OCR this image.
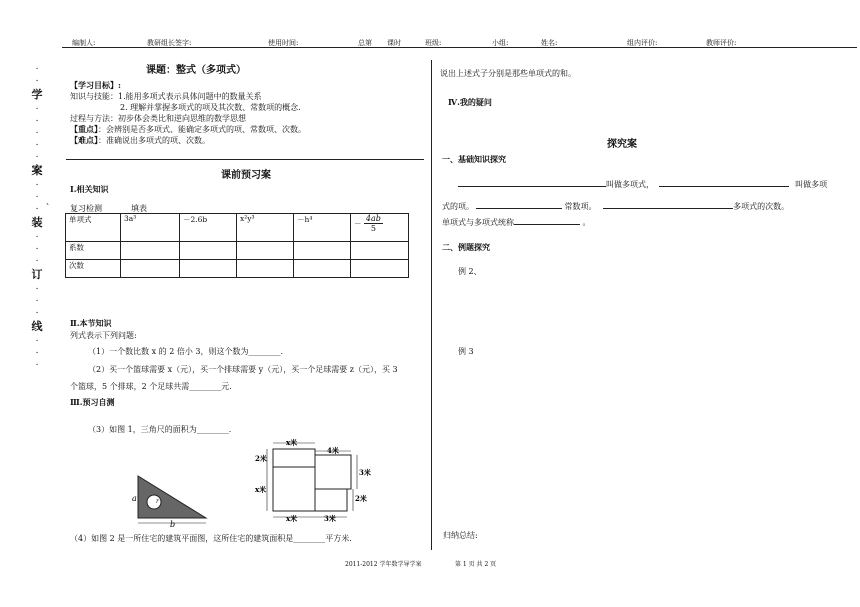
编制人:	教研组长签字:	使用时间:	总第 课时	班级:	小组:	姓名:	组内评价:	教师评价:
.
.
学
.
.
.
.
.
案
.
.
.
装
.
.
.
订
.
.
.
线
.
.
.
、
课题：整式（多项式）
【学习目标】:
知识与技能：1.能用多项式表示具体问题中的数量关系
2. 理解并掌握多项式的项及其次数、常数项的概念.
过程与方法：初步体会类比和逆向思维的数学思想
【重点】：会辨别是否多项式、能确定多项式的项、常数项、次数。
【难点】：准确说出多项式的项、次数。
课前预习案
Ⅰ.相关知识
复习检测	填表
单项式	3a³	－2.6b	x²y³	－h⁴	－ $\frac{4ab}{5}$

系数					
次数					
Ⅱ.本节知识
列式表示下列问题:
（1）一个数比数 x 的 2 倍小 3，则这个数为________.
（2）买一个篮球需要 x（元），买一个排球需要 y（元），买一个足球需要 z（元），买 3
个篮球，5 个排球，2 个足球共需________元.
Ⅲ.预习自测
（3）如图 1，三角尺的面积为________.
a	r
b
x米
4米
2米
x米
3米
2米
x米	3米
（4）如图 2 是一所住宅的建筑平面图，这所住宅的建筑面积是________平方米.
说出上述式子分别是那些单项式的和。
Ⅳ.我的疑问
探究案
一、基础知识探究
叫做多项式，	叫做多项
式的项。	常数项。	多项式的次数。
单项式与多项式统称	。
二、例题探究
例 2、
例 3
归纳总结:
2011-2012 学年数学导学案	第 1 页 共 2 页
